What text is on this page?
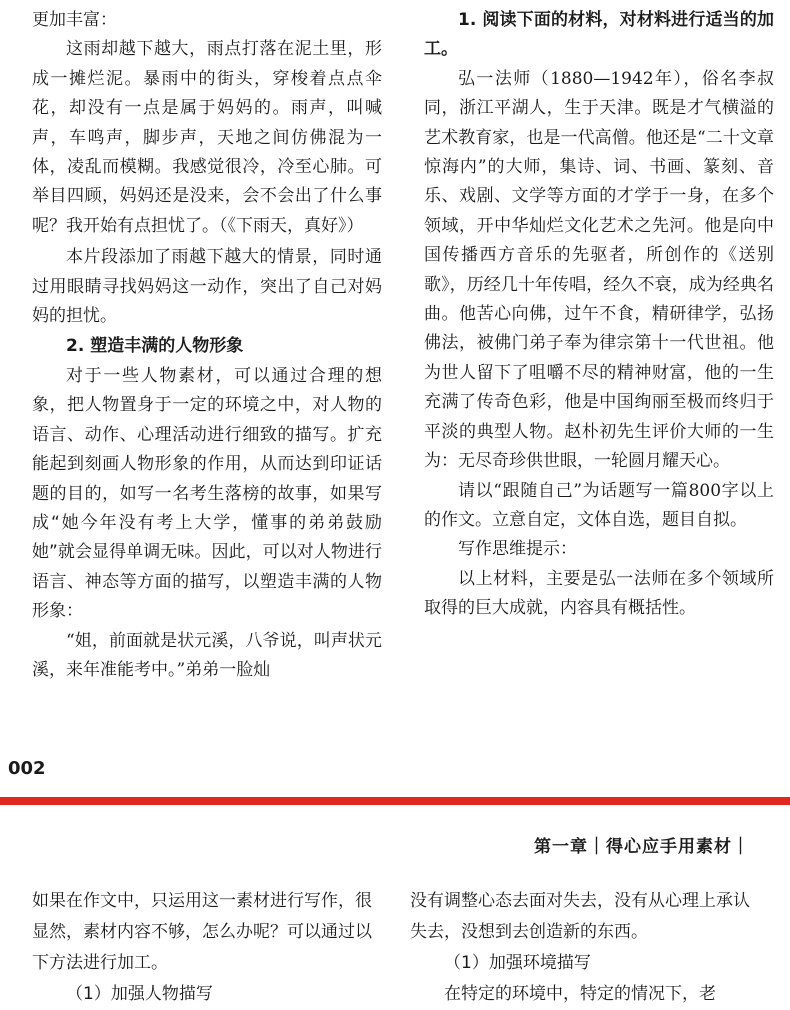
更加丰富：

这雨却越下越大，雨点打落在泥土里，形成一摊烂泥。暴雨中的街头，穿梭着点点伞花，却没有一点是属于妈妈的。雨声，叫喊声，车鸣声，脚步声，天地之间仿佛混为一体，凌乱而模糊。我感觉很冷，冷至心肺。可举目四顾，妈妈还是没来，会不会出了什么事呢？我开始有点担忧了。（《下雨天，真好》）

本片段添加了雨越下越大的情景，同时通过用眼睛寻找妈妈这一动作，突出了自己对妈妈的担忧。

2. 塑造丰满的人物形象

对于一些人物素材，可以通过合理的想象，把人物置身于一定的环境之中，对人物的语言、动作、心理活动进行细致的描写。扩充能起到刻画人物形象的作用，从而达到印证话题的目的，如写一名考生落榜的故事，如果写成“她今年没有考上大学，懂事的弟弟鼓励她”就会显得单调无味。因此，可以对人物进行语言、神态等方面的描写，以塑造丰满的人物形象：

“姐，前面就是状元溪，八爷说，叫声状元溪，来年准能考中。”弟弟一脸灿

1. 阅读下面的材料，对材料进行适当的加工。

弘一法师（1880—1942年），俗名李叔同，浙江平湖人，生于天津。既是才气横溢的艺术教育家，也是一代高僧。他还是“二十文章惊海内”的大师，集诗、词、书画、篆刻、音乐、戏剧、文学等方面的才学于一身，在多个领域，开中华灿烂文化艺术之先河。他是向中国传播西方音乐的先驱者，所创作的《送别歌》，历经几十年传唱，经久不衰，成为经典名曲。他苦心向佛，过午不食，精研律学，弘扬佛法，被佛门弟子奉为律宗第十一代世祖。他为世人留下了咀嚼不尽的精神财富，他的一生充满了传奇色彩，他是中国绚丽至极而终归于平淡的典型人物。赵朴初先生评价大师的一生为：无尽奇珍供世眼，一轮圆月耀天心。

请以“跟随自己”为话题写一篇800字以上的作文。立意自定，文体自选，题目自拟。

写作思维提示：

以上材料，主要是弘一法师在多个领域所取得的巨大成就，内容具有概括性。

002
第一章｜得心应手用素材｜

如果在作文中，只运用这一素材进行写作，很显然，素材内容不够，怎么办呢？可以通过以下方法进行加工。

（1）加强人物描写

没有调整心态去面对失去，没有从心理上承认失去，没想到去创造新的东西。

（1）加强环境描写

在特定的环境中，特定的情况下，老
